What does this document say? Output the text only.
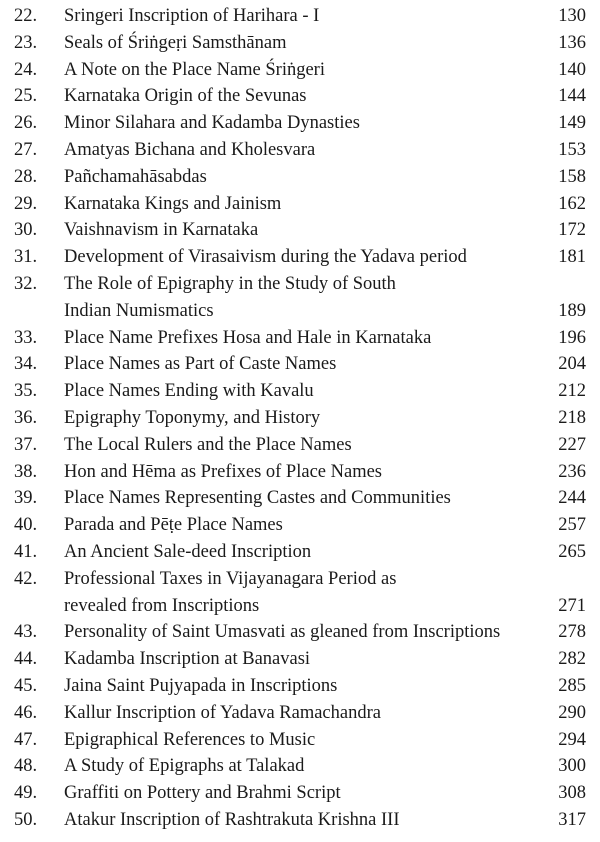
22.	Sringeri Inscription of Harihara - I	130
23.	Seals of Śriṅgeṛi Samsthānam	136
24.	A Note on the Place Name Śriṅgeri	140
25.	Karnataka Origin of the Sevunas	144
26.	Minor Silahara and Kadamba Dynasties	149
27.	Amatyas Bichana and Kholesvara	153
28.	Pañchamahāsabdas	158
29.	Karnataka Kings and Jainism	162
30.	Vaishnavism in Karnataka	172
31.	Development of Virasaivism during the Yadava period	181
32.	The Role of Epigraphy in the Study of South
Indian Numismatics	189
33.	Place Name Prefixes Hosa and Hale in Karnataka	196
34.	Place Names as Part of Caste Names	204
35.	Place Names Ending with Kavalu	212
36.	Epigraphy Toponymy, and History	218
37.	The Local Rulers and the Place Names	227
38.	Hon and Hēma as Prefixes of Place Names	236
39.	Place Names Representing Castes and Communities	244
40.	Parada and Pēṭe Place Names	257
41.	An Ancient Sale-deed Inscription	265
42.	Professional Taxes in Vijayanagara Period as
revealed from Inscriptions	271
43.	Personality of Saint Umasvati as gleaned from Inscriptions	278
44.	Kadamba Inscription at Banavasi	282
45.	Jaina Saint Pujyapada in Inscriptions	285
46.	Kallur Inscription of Yadava Ramachandra	290
47.	Epigraphical References to Music	294
48.	A Study of Epigraphs at Talakad	300
49.	Graffiti on Pottery and Brahmi Script	308
50.	Atakur Inscription of Rashtrakuta Krishna III	317
